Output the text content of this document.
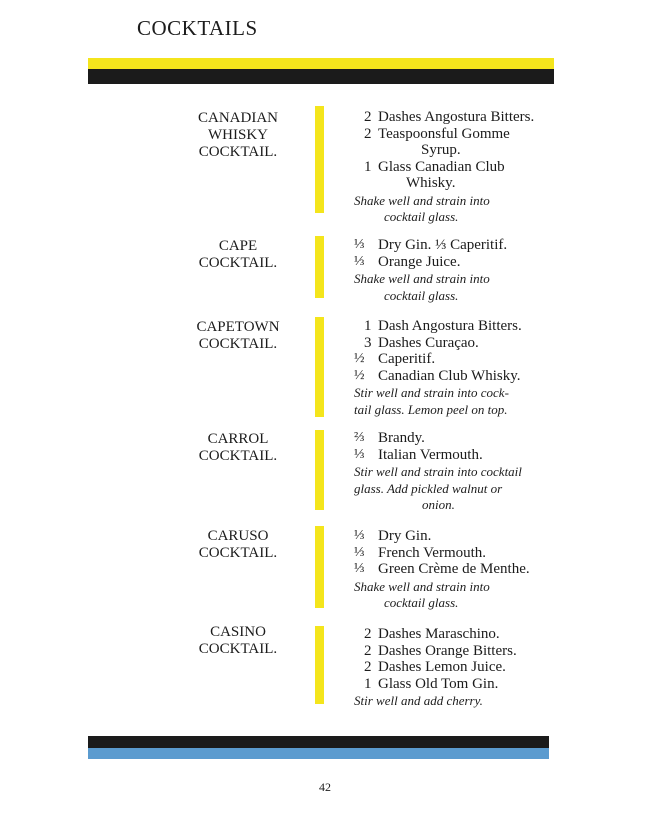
COCKTAILS
CANADIAN
WHISKY
COCKTAIL.
2 Dashes Angostura Bitters.
2 Teaspoonsful Gomme
Syrup.
1 Glass Canadian Club
Whisky.
Shake well and strain into
cocktail glass.
CAPE
COCKTAIL.
⅓ Dry Gin. ⅓ Caperitif.
⅓ Orange Juice.
Shake well and strain into
cocktail glass.
CAPETOWN
COCKTAIL.
1 Dash Angostura Bitters.
3 Dashes Curaçao.
½ Caperitif.
½ Canadian Club Whisky.
Stir well and strain into cock-
tail glass. Lemon peel on top.
CARROL
COCKTAIL.
⅔ Brandy.
⅓ Italian Vermouth.
Stir well and strain into cocktail
glass. Add pickled walnut or
onion.
CARUSO
COCKTAIL.
⅓ Dry Gin.
⅓ French Vermouth.
⅓ Green Crème de Menthe.
Shake well and strain into
cocktail glass.
CASINO
COCKTAIL.
2 Dashes Maraschino.
2 Dashes Orange Bitters.
2 Dashes Lemon Juice.
1 Glass Old Tom Gin.
Stir well and add cherry.
42
